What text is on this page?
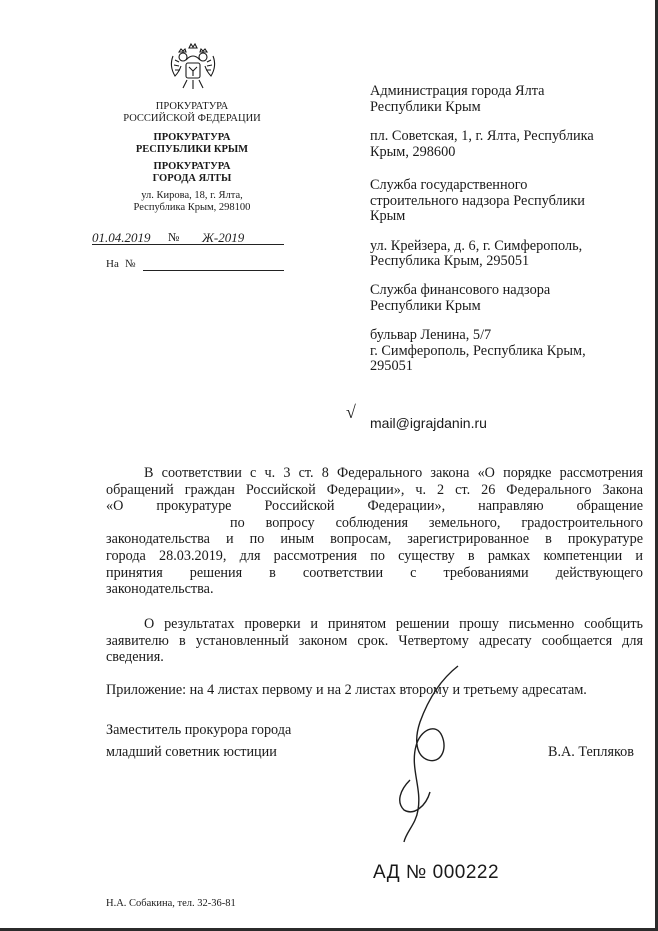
ПРОКУРАТУРА
РОССИЙСКОЙ ФЕДЕРАЦИИ
ПРОКУРАТУРА
РЕСПУБЛИКИ КРЫМ
ПРОКУРАТУРА
ГОРОДА ЯЛТЫ
ул. Кирова, 18, г. Ялта,
Республика Крым, 298100
01.04.2019 № Ж-2019
На №
Администрация города Ялта
Республики Крым
пл. Советская, 1, г. Ялта, Республика
Крым, 298600
Служба государственного
строительного надзора Республики
Крым
ул. Крейзера, д. 6, г. Симферополь,
Республика Крым, 295051
Служба финансового надзора
Республики Крым
бульвар Ленина, 5/7
г. Симферополь, Республика Крым,
295051
√
mail@igrajdanin.ru
В соответствии с ч. 3 ст. 8 Федерального закона «О порядке рассмотрения
обращений граждан Российской Федерации», ч. 2 ст. 26 Федерального Закона
«О прокуратуре Российской Федерации», направляю обращение
по вопросу соблюдения земельного, градостроительного
законодательства и по иным вопросам, зарегистрированное в прокуратуре
города 28.03.2019, для рассмотрения по существу в рамках компетенции и
принятия решения в соответствии с требованиями действующего
законодательства.
О результатах проверки и принятом решении прошу письменно сообщить
заявителю в установленный законом срок. Четвертому адресату сообщается для
сведения.
Приложение: на 4 листах первому и на 2 листах второму и третьему адресатам.
Заместитель прокурора города
младший советник юстиции	В.А. Тепляков
АД № 000222
Н.А. Собакина, тел. 32-36-81
